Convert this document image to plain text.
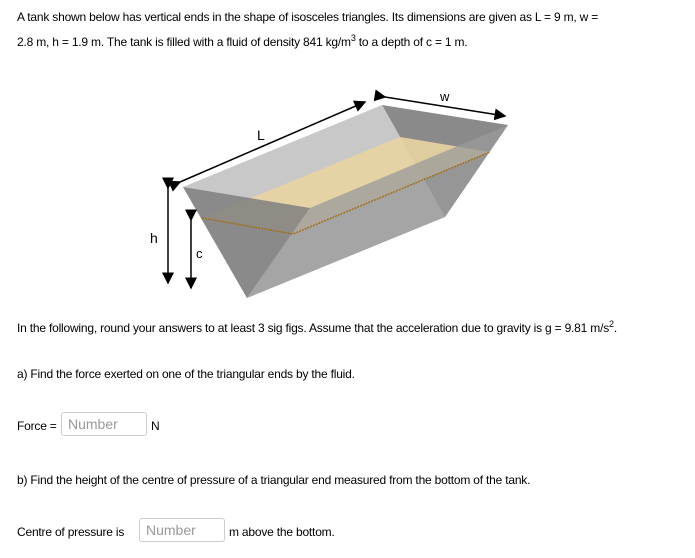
A tank shown below has vertical ends in the shape of isosceles triangles. Its dimensions are given as L = 9 m, w =
2.8 m, h = 1.9 m. The tank is filled with a fluid of density 841 $kg/m^3$ to a depth of c = 1 m.
L
w
h
c
In the following, round your answers to at least 3 sig figs. Assume that the acceleration due to gravity is g = 9.81 $m/s^2$.
a) Find the force exerted on one of the triangular ends by the fluid.
Force =
Number	N
b) Find the height of the centre of pressure of a triangular end measured from the bottom of the tank.
Centre of pressure is
Number	m above the bottom.
